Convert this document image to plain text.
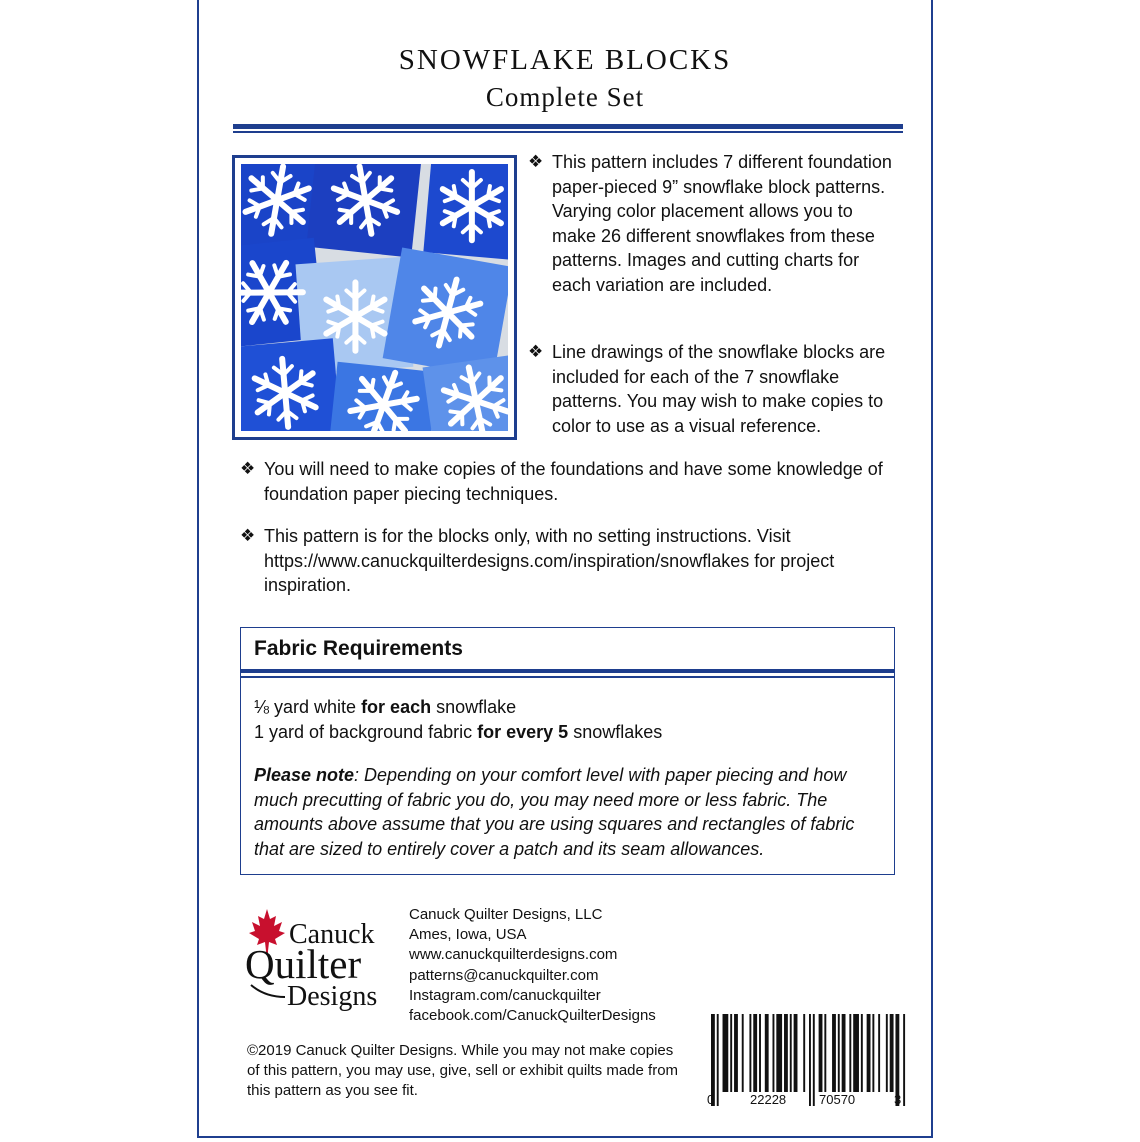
SNOWFLAKE BLOCKS
Complete Set
❖ This pattern includes 7 different foundation paper-pieced 9” snowflake block patterns. Varying color placement allows you to make 26 different snowflakes from these patterns. Images and cutting charts for each variation are included.
❖ Line drawings of the snowflake blocks are included for each of the 7 snowflake patterns. You may wish to make copies to color to use as a visual reference.
❖ You will need to make copies of the foundations and have some knowledge of foundation paper piecing techniques.
❖ This pattern is for the blocks only, with no setting instructions. Visit https://www.canuckquilterdesigns.com/inspiration/snowflakes for project inspiration.
Fabric Requirements
⅛ yard white for each snowflake
1 yard of background fabric for every 5 snowflakes
Please note: Depending on your comfort level with paper piecing and how much precutting of fabric you do, you may need more or less fabric. The amounts above assume that you are using squares and rectangles of fabric that are sized to entirely cover a patch and its seam allowances.
Canuck
Quilter
Designs
Canuck Quilter Designs, LLC
Ames, Iowa, USA
www.canuckquilterdesigns.com
patterns@canuckquilter.com
Instagram.com/canuckquilter
facebook.com/CanuckQuilterDesigns
©2019 Canuck Quilter Designs. While you may not make copies of this pattern, you may use, give, sell or exhibit quilts made from this pattern as you see fit.
0	22228	70570	3
